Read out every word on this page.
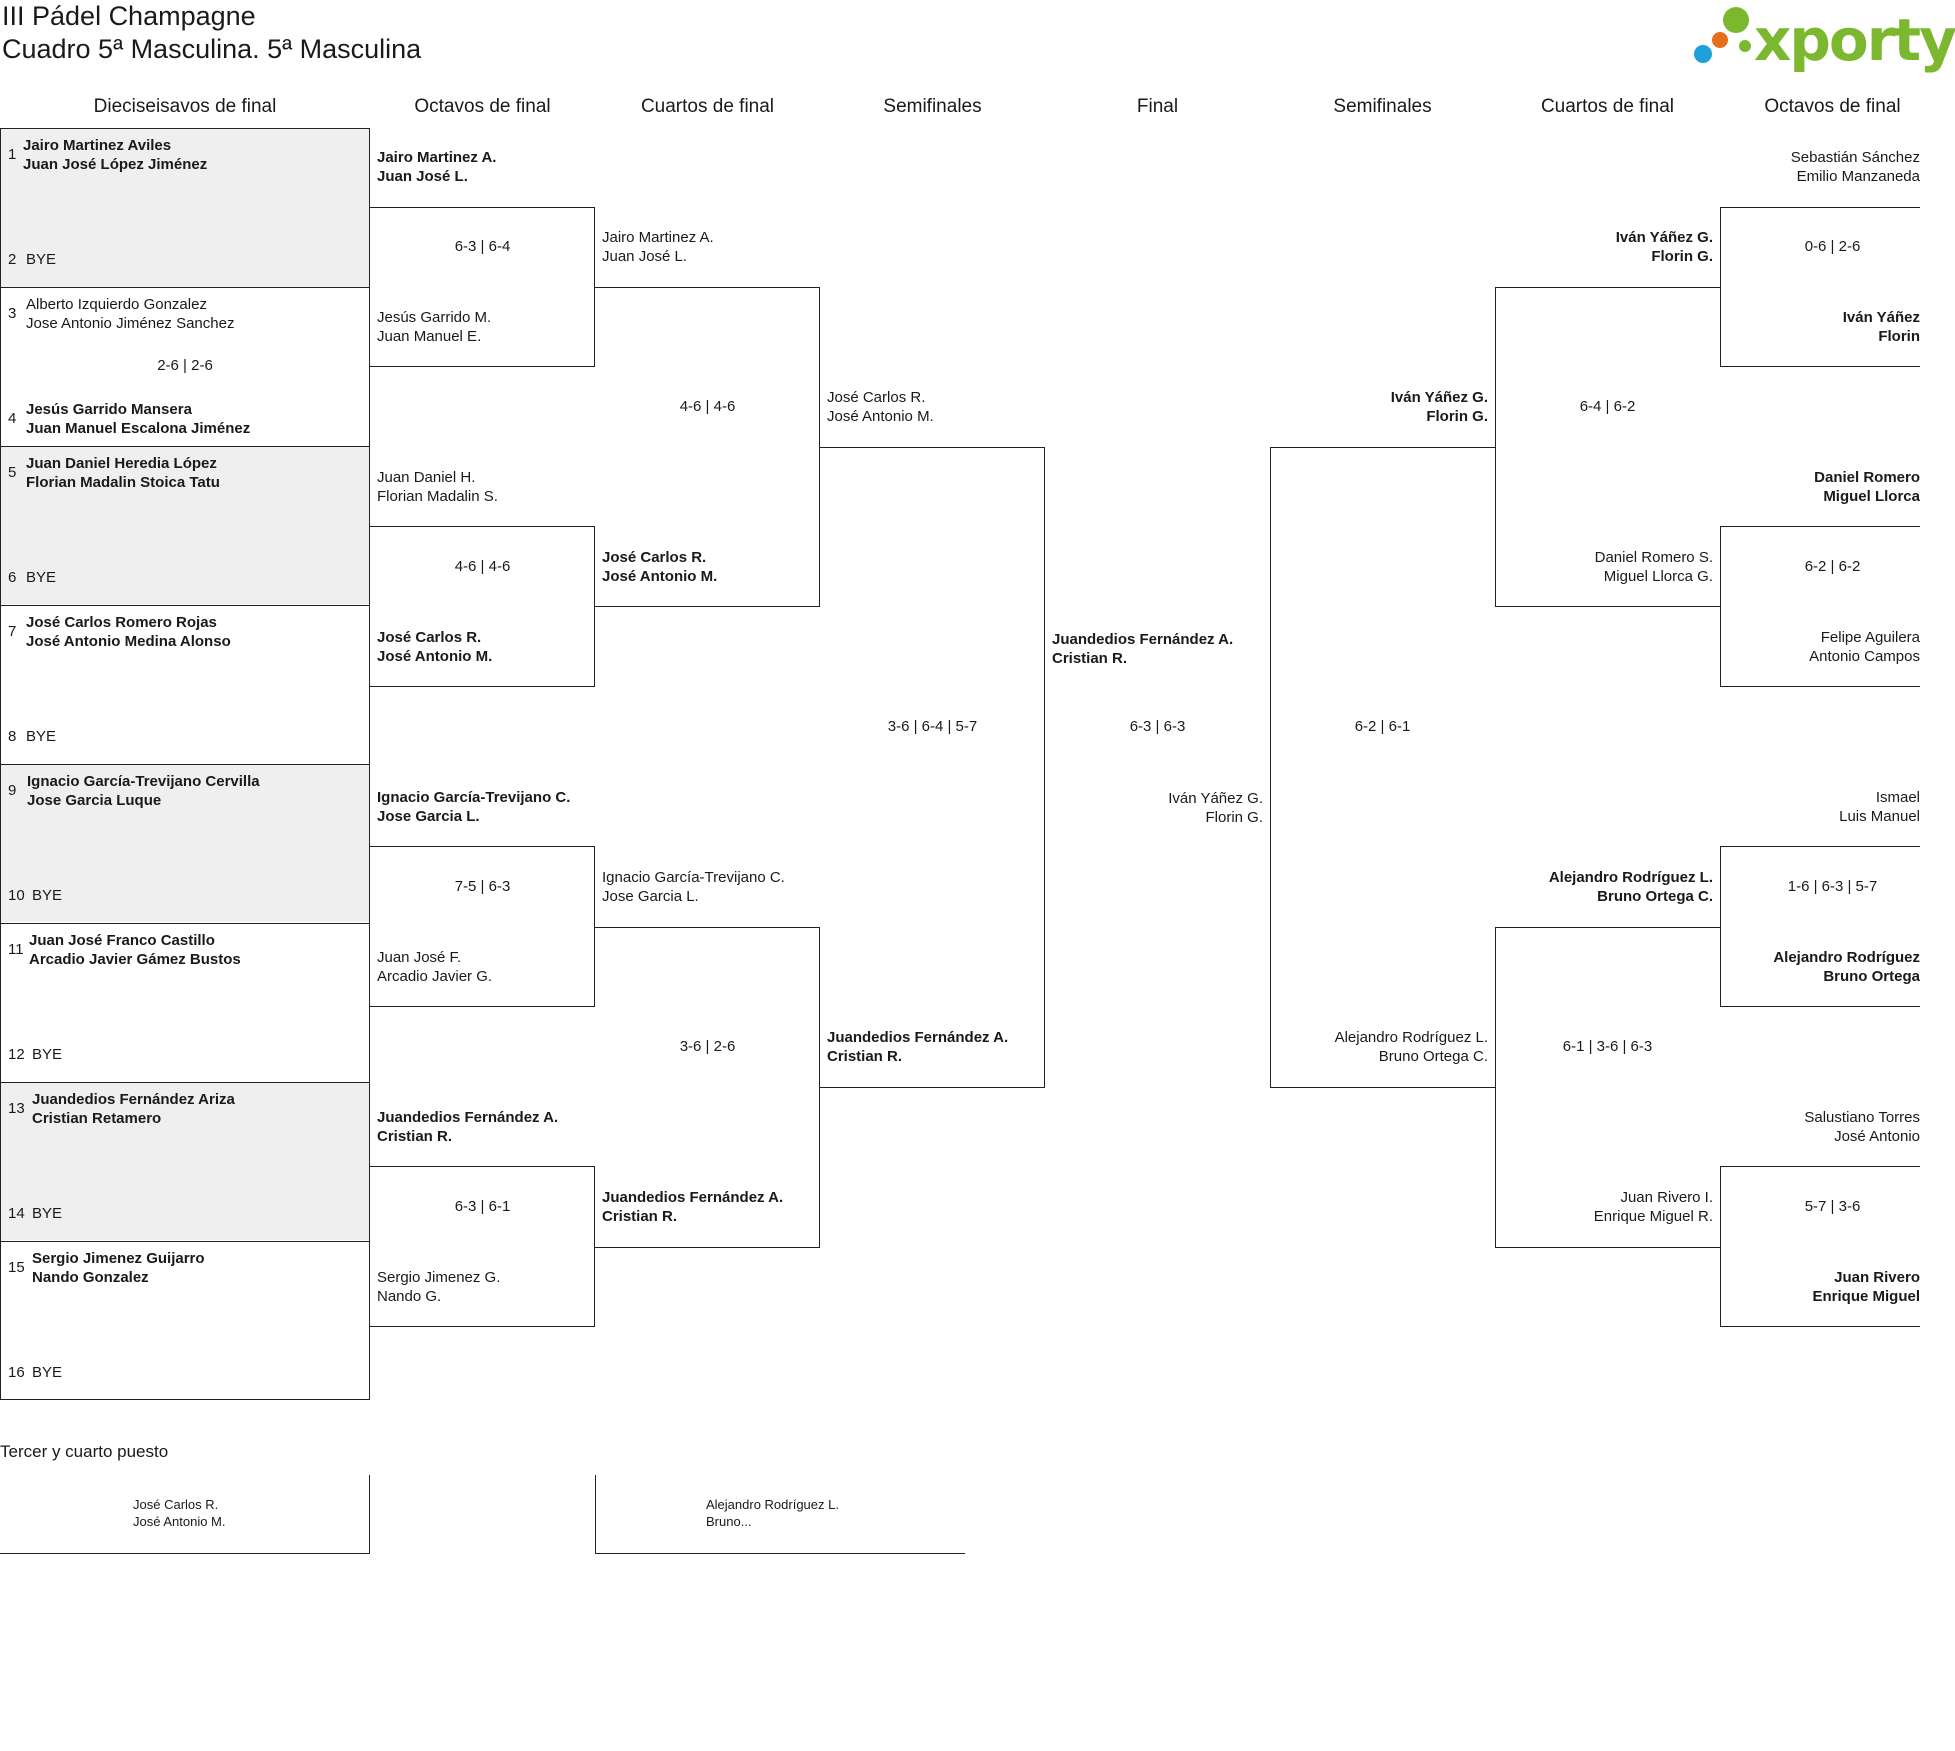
III Pádel Champagne
Cuadro 5ª Masculina. 5ª Masculina	xporty
Dieciseisavos de final	Octavos de final	Cuartos de final	Semifinales	Final	Semifinales	Cuartos de final	Octavos de final
1
Jairo Martinez Aviles
Juan José López Jiménez
2 BYE
3
Alberto Izquierdo Gonzalez
Jose Antonio Jiménez Sanchez
2-6 | 2-6
4
Jesús Garrido Mansera
Juan Manuel Escalona Jiménez
5
Juan Daniel Heredia López
Florian Madalin Stoica Tatu
6 BYE
7
José Carlos Romero Rojas
José Antonio Medina Alonso
8 BYE
9
Ignacio García-Trevijano Cervilla
Jose Garcia Luque
10 BYE
11
Juan José Franco Castillo
Arcadio Javier Gámez Bustos
12 BYE
13
Juandedios Fernández Ariza
Cristian Retamero
14 BYE
15
Sergio Jimenez Guijarro
Nando Gonzalez
16 BYE
Jairo Martinez A.
Juan José L.
6-3 | 6-4
Jesús Garrido M.
Juan Manuel E.
Juan Daniel H.
Florian Madalin S.
4-6 | 4-6
José Carlos R.
José Antonio M.
Ignacio García-Trevijano C.
Jose Garcia L.
7-5 | 6-3
Juan José F.
Arcadio Javier G.
Juandedios Fernández A.
Cristian R.
6-3 | 6-1
Sergio Jimenez G.
Nando G.
Jairo Martinez A.
Juan José L.
4-6 | 4-6
José Carlos R.
José Antonio M.
Ignacio García-Trevijano C.
Jose Garcia L.
3-6 | 2-6
Juandedios Fernández A.
Cristian R.
José Carlos R.
José Antonio M.
3-6 | 6-4 | 5-7
Juandedios Fernández A.
Cristian R.
Juandedios Fernández A.
Cristian R.
6-3 | 6-3
Iván Yáñez G.
Florin G.
6-2 | 6-1
Iván Yáñez G.
Florin G.
Alejandro Rodríguez L.
Bruno Ortega C.
Iván Yáñez G.
Florin G.
6-4 | 6-2
Daniel Romero S.
Miguel Llorca G.
Alejandro Rodríguez L.
Bruno Ortega C.
6-1 | 3-6 | 6-3
Juan Rivero I.
Enrique Miguel R.
Sebastián Sánchez
Emilio Manzaneda
0-6 | 2-6
Iván Yáñez
Florin
Daniel Romero
Miguel Llorca
6-2 | 6-2
Felipe Aguilera
Antonio Campos
Ismael
Luis Manuel
1-6 | 6-3 | 5-7
Alejandro Rodríguez
Bruno Ortega
Salustiano Torres
José Antonio
5-7 | 3-6
Juan Rivero
Enrique Miguel
Tercer y cuarto puesto
José Carlos R.
José Antonio M.
Alejandro Rodríguez L.
Bruno...
